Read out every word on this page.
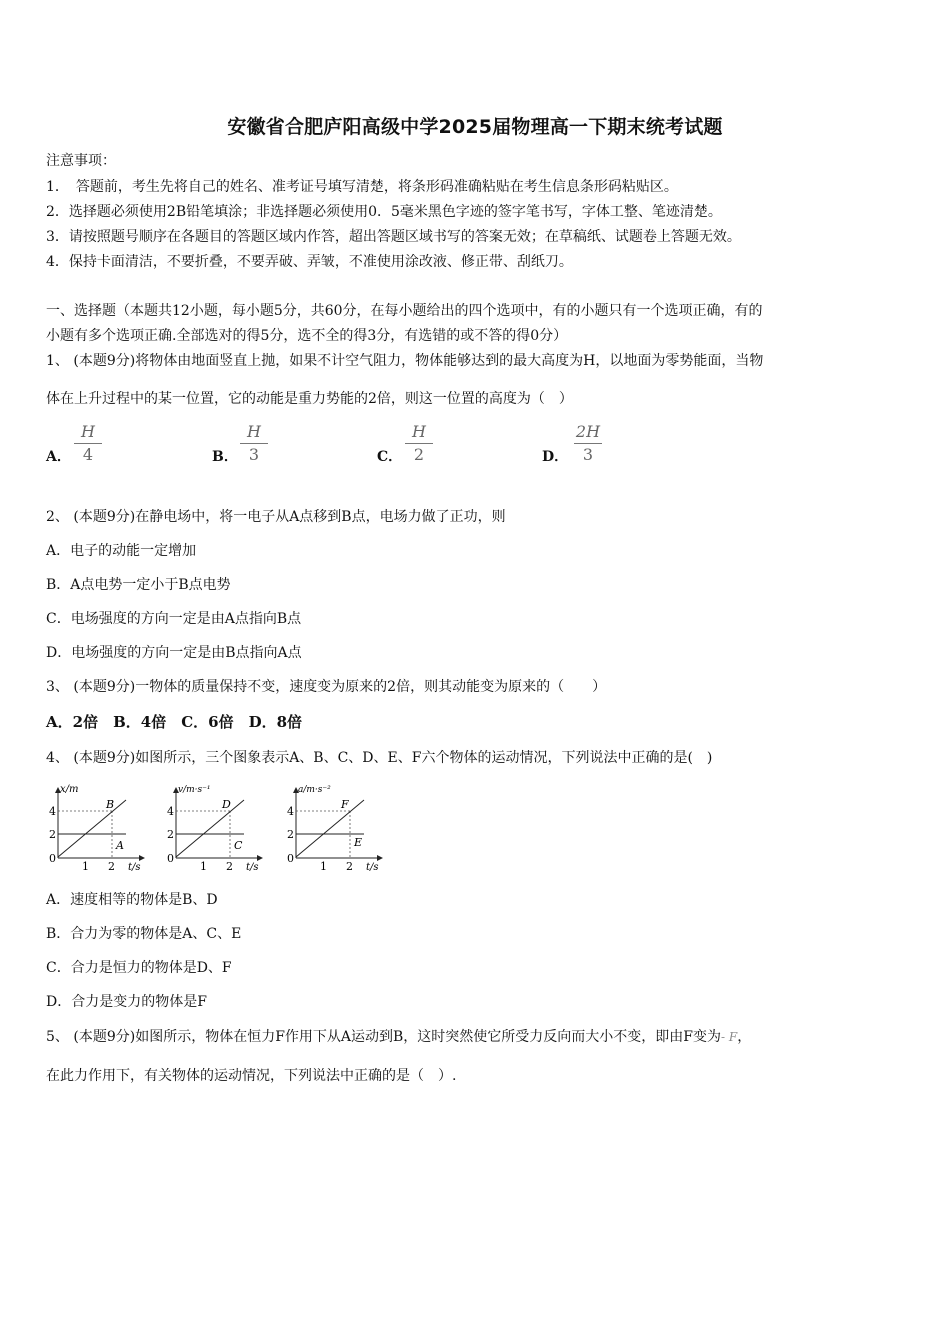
安徽省合肥庐阳高级中学2025届物理高一下期末统考试题
注意事项：
1．　答题前，考生先将自己的姓名、准考证号填写清楚，将条形码准确粘贴在考生信息条形码粘贴区。
2．选择题必须使用2B铅笔填涂；非选择题必须使用0．5毫米黑色字迹的签字笔书写，字体工整、笔迹清楚。
3．请按照题号顺序在各题目的答题区域内作答，超出答题区域书写的答案无效；在草稿纸、试题卷上答题无效。
4．保持卡面清洁，不要折叠，不要弄破、弄皱，不准使用涂改液、修正带、刮纸刀。
一、选择题（本题共12小题，每小题5分，共60分，在每小题给出的四个选项中，有的小题只有一个选项正确，有的
小题有多个选项正确.全部选对的得5分，选不全的得3分，有选错的或不答的得0分）
1、 (本题9分)将物体由地面竖直上抛，如果不计空气阻力，物体能够达到的最大高度为H，以地面为零势能面，当物
体在上升过程中的某一位置，它的动能是重力势能的2倍，则这一位置的高度为（　）
A．
H
4	B．
H
3	C．
H
2	D．
2H
3
2、 (本题9分)在静电场中，将一电子从A点移到B点，电场力做了正功，则
A．电子的动能一定增加
B．A点电势一定小于B点电势
C．电场强度的方向一定是由A点指向B点
D．电场强度的方向一定是由B点指向A点
3、 (本题9分)一物体的质量保持不变，速度变为原来的2倍，则其动能变为原来的（　　）
A．2倍　B．4倍　C．6倍　D．8倍
4、 (本题9分)如图所示，三个图象表示A、B、C、D、E、F六个物体的运动情况，下列说法中正确的是(　)
x/m
t/s
4
2
0
1 2
B
A
v/m·s⁻¹
t/s
4
2
0
1 2
D
C
a/m·s⁻²
t/s
4
2
0
1 2
F
E
A．速度相等的物体是B、D
B．合力为零的物体是A、C、E
C．合力是恒力的物体是D、F
D．合力是变力的物体是F
5、 (本题9分)如图所示，物体在恒力F作用下从A运动到B，这时突然使它所受力反向而大小不变，即由F变为- F，
在此力作用下，有关物体的运动情况，下列说法中正确的是（　）.
